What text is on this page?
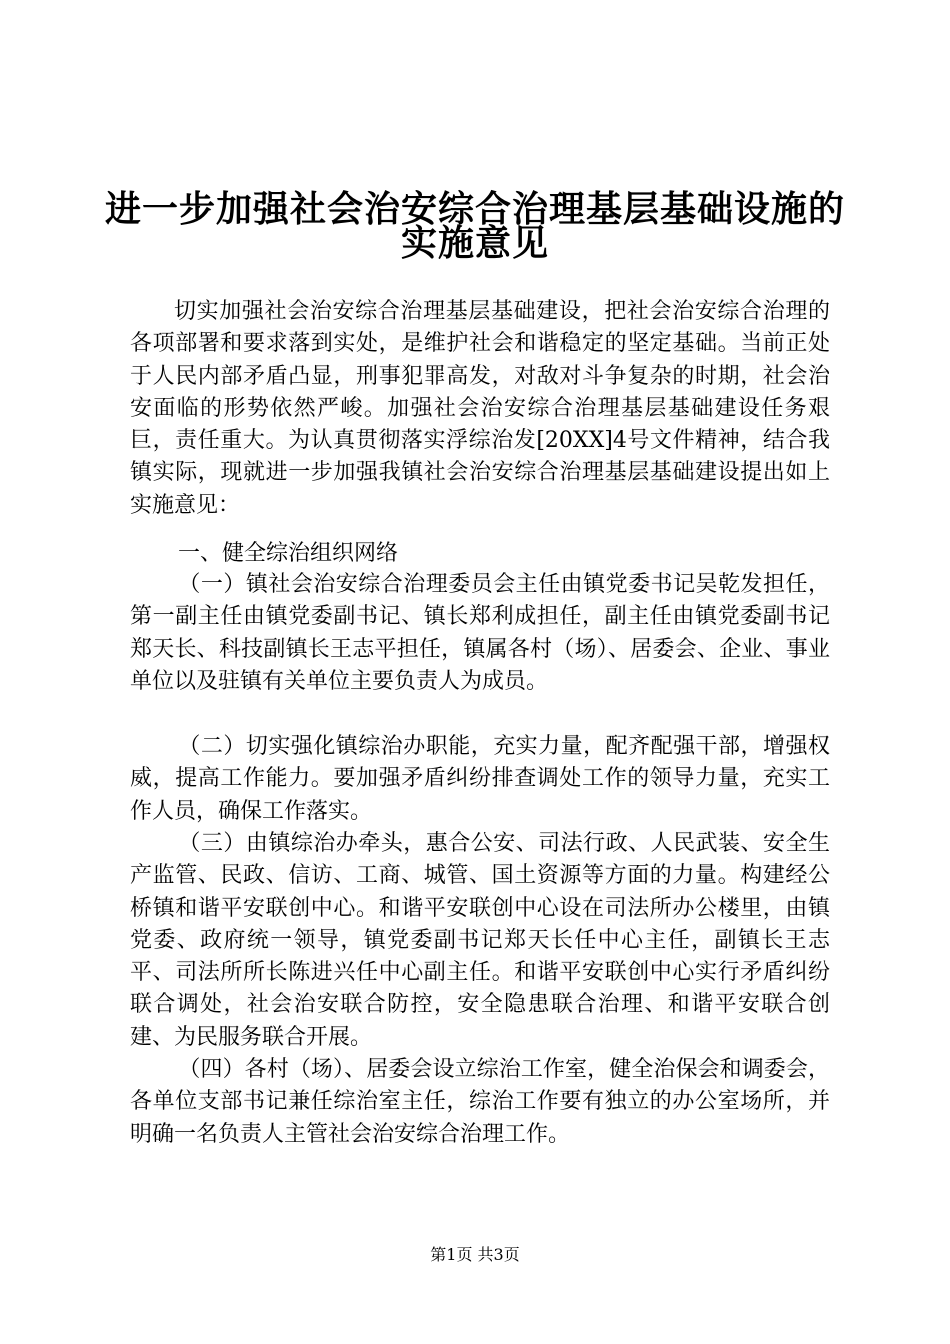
进一步加强社会治安综合治理基层基础设施的
实施意见

切实加强社会治安综合治理基层基础建设，把社会治安综合治理的各项部署和要求落到实处，是维护社会和谐稳定的坚定基础。当前正处于人民内部矛盾凸显，刑事犯罪高发，对敌对斗争复杂的时期，社会治安面临的形势依然严峻。加强社会治安综合治理基层基础建设任务艰巨，责任重大。为认真贯彻落实浮综治发[20XX]4号文件精神，结合我镇实际，现就进一步加强我镇社会治安综合治理基层基础建设提出如上实施意见：

一、健全综治组织网络

（一）镇社会治安综合治理委员会主任由镇党委书记吴乾发担任，第一副主任由镇党委副书记、镇长郑利成担任，副主任由镇党委副书记郑天长、科技副镇长王志平担任，镇属各村（场）、居委会、企业、事业单位以及驻镇有关单位主要负责人为成员。

（二）切实强化镇综治办职能，充实力量，配齐配强干部，增强权威，提高工作能力。要加强矛盾纠纷排查调处工作的领导力量，充实工作人员，确保工作落实。

（三）由镇综治办牵头，惠合公安、司法行政、人民武装、安全生产监管、民政、信访、工商、城管、国土资源等方面的力量。构建经公桥镇和谐平安联创中心。和谐平安联创中心设在司法所办公楼里，由镇党委、政府统一领导，镇党委副书记郑天长任中心主任，副镇长王志平、司法所所长陈进兴任中心副主任。和谐平安联创中心实行矛盾纠纷联合调处，社会治安联合防控，安全隐患联合治理、和谐平安联合创建、为民服务联合开展。

（四）各村（场）、居委会设立综治工作室，健全治保会和调委会，各单位支部书记兼任综治室主任，综治工作要有独立的办公室场所，并明确一名负责人主管社会治安综合治理工作。

第1页 共3页
